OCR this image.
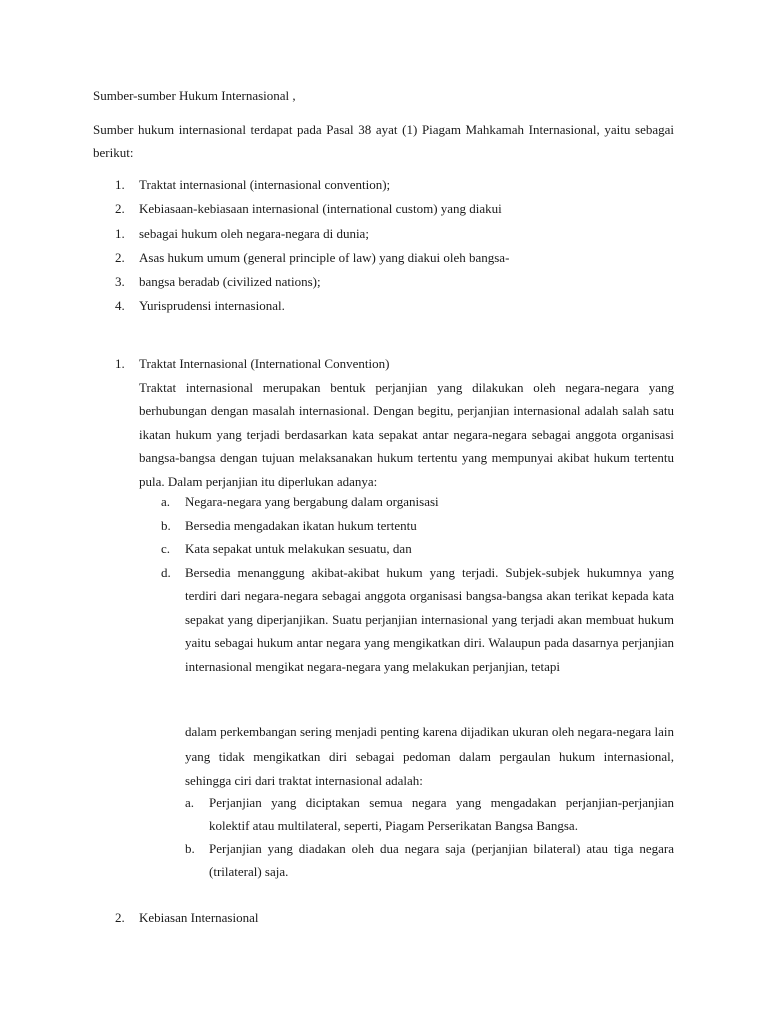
Sumber-sumber Hukum Internasional ,
Sumber hukum internasional terdapat pada Pasal 38 ayat (1) Piagam Mahkamah Internasional, yaitu sebagai berikut:
1. Traktat internasional (internasional convention);
2. Kebiasaan-kebiasaan internasional (international custom) yang diakui
1. sebagai hukum oleh negara-negara di dunia;
2. Asas hukum umum (general principle of law) yang diakui oleh bangsa-
3. bangsa beradab (civilized nations);
4. Yurisprudensi internasional.
1. Traktat Internasional (International Convention)
Traktat internasional merupakan bentuk perjanjian yang dilakukan oleh negara-negara yang berhubungan dengan masalah internasional. Dengan begitu, perjanjian internasional adalah salah satu ikatan hukum yang terjadi berdasarkan kata sepakat antar negara-negara sebagai anggota organisasi bangsa-bangsa dengan tujuan melaksanakan hukum tertentu yang mempunyai akibat hukum tertentu pula. Dalam perjanjian itu diperlukan adanya:
a. Negara-negara yang bergabung dalam organisasi
b. Bersedia mengadakan ikatan hukum tertentu
c. Kata sepakat untuk melakukan sesuatu, dan
d. Bersedia menanggung akibat-akibat hukum yang terjadi. Subjek-subjek hukumnya yang terdiri dari negara-negara sebagai anggota organisasi bangsa-bangsa akan terikat kepada kata sepakat yang diperjanjikan. Suatu perjanjian internasional yang terjadi akan membuat hukum yaitu sebagai hukum antar negara yang mengikatkan diri. Walaupun pada dasarnya perjanjian internasional mengikat negara-negara yang melakukan perjanjian, tetapi
dalam perkembangan sering menjadi penting karena dijadikan ukuran oleh negara-negara lain yang tidak mengikatkan diri sebagai pedoman dalam pergaulan hukum internasional, sehingga ciri dari traktat internasional adalah:
a. Perjanjian yang diciptakan semua negara yang mengadakan perjanjian-perjanjian kolektif atau multilateral, seperti, Piagam Perserikatan Bangsa Bangsa.
b. Perjanjian yang diadakan oleh dua negara saja (perjanjian bilateral) atau tiga negara (trilateral) saja.
2. Kebiasan Internasional
